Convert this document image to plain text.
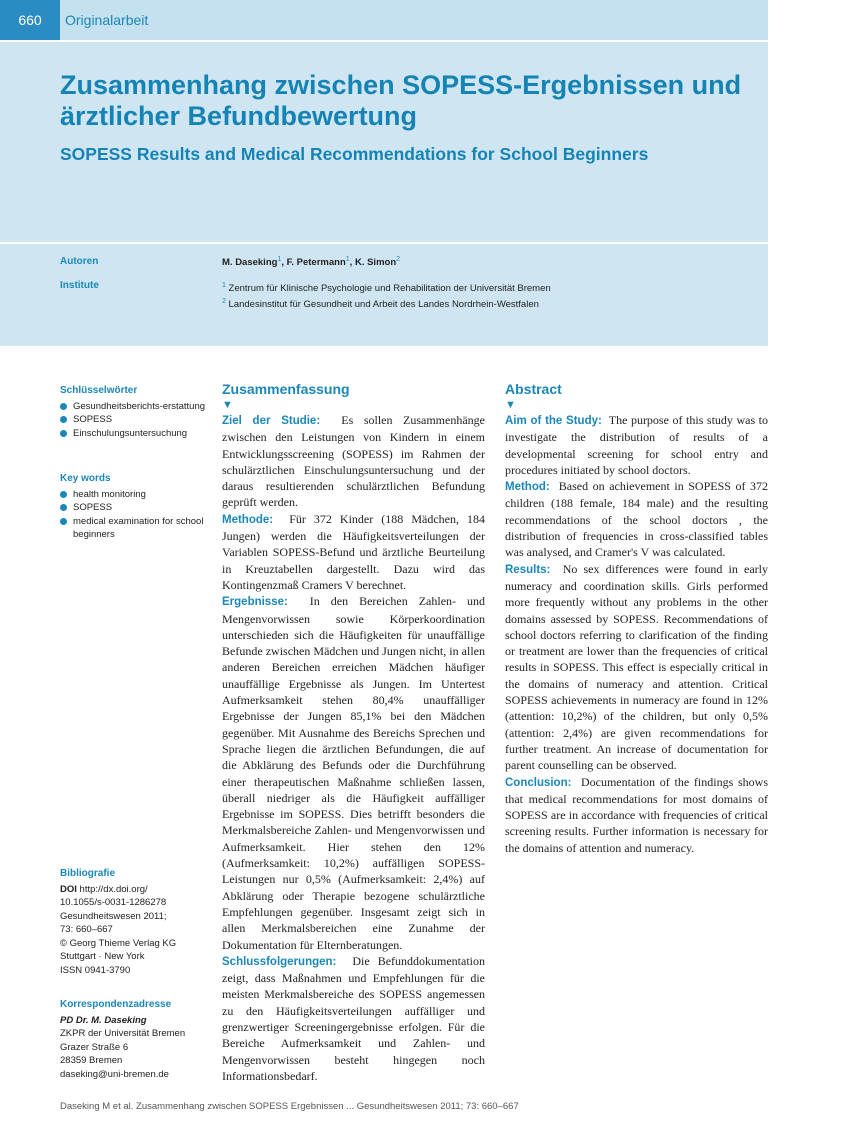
660	Originalarbeit
Zusammenhang zwischen SOPESS-Ergebnissen und ärztlicher Befundbewertung
SOPESS Results and Medical Recommendations for School Beginners
Autoren
Institute
M. Daseking$^1$, F. Petermann$^1$, K. Simon$^2$
$^1$ Zentrum für Klinische Psychologie und Rehabilitation der Universität Bremen
$^2$ Landesinstitut für Gesundheit und Arbeit des Landes Nordrhein-Westfalen
Schlüsselwörter
Gesundheitsberichts-erstattung
SOPESS
Einschulungsuntersuchung
Key words
health monitoring
SOPESS
medical examination for school beginners
Bibliografie
DOI http://dx.doi.org/
10.1055/s-0031-1286278
Gesundheitswesen 2011;
73: 660–667
© Georg Thieme Verlag KG
Stuttgart · New York
ISSN 0941-3790
Korrespondenzadresse
PD Dr. M. Daseking
ZKPR der Universität Bremen
Grazer Straße 6
28359 Bremen
daseking@uni-bremen.de
Zusammenfassung
▼

Ziel der Studie: Es sollen Zusammenhänge zwischen den Leistungen von Kindern in einem Entwicklungsscreening (SOPESS) im Rahmen der schulärztlichen Einschulungsuntersuchung und der daraus resultierenden schulärztlichen Befundung geprüft werden.

Methode: Für 372 Kinder (188 Mädchen, 184 Jungen) werden die Häufigkeitsverteilungen der Variablen SOPESS-Befund und ärztliche Beurteilung in Kreuztabellen dargestellt. Dazu wird das Kontingenzmaß Cramers V berechnet.

Ergebnisse: In den Bereichen Zahlen- und Mengenvorwissen sowie Körperkoordination unterschieden sich die Häufigkeiten für unauffällige Befunde zwischen Mädchen und Jungen nicht, in allen anderen Bereichen erreichen Mädchen häufiger unauffällige Ergebnisse als Jungen. Im Untertest Aufmerksamkeit stehen 80,4% unauffälliger Ergebnisse der Jungen 85,1% bei den Mädchen gegenüber. Mit Ausnahme des Bereichs Sprechen und Sprache liegen die ärztlichen Befundungen, die auf die Abklärung des Befunds oder die Durchführung einer therapeutischen Maßnahme schließen lassen, überall niedriger als die Häufigkeit auffälliger Ergebnisse im SOPESS. Dies betrifft besonders die Merkmalsbereiche Zahlen- und Mengenvorwissen und Aufmerksamkeit. Hier stehen den 12% (Aufmerksamkeit: 10,2%) auffälligen SOPESS-Leistungen nur 0,5% (Aufmerksamkeit: 2,4%) auf Abklärung oder Therapie bezogene schulärztliche Empfehlungen gegenüber. Insgesamt zeigt sich in allen Merkmalsbereichen eine Zunahme der Dokumentation für Elternberatungen.

Schlussfolgerungen: Die Befunddokumentation zeigt, dass Maßnahmen und Empfehlungen für die meisten Merkmalsbereiche des SOPESS angemessen zu den Häufigkeitsverteilungen auffälliger und grenzwertiger Screeningergebnisse erfolgen. Für die Bereiche Aufmerksamkeit und Zahlen- und Mengenvorwissen besteht hingegen noch Informationsbedarf.

Abstract
▼

Aim of the Study: The purpose of this study was to investigate the distribution of results of a developmental screening for school entry and procedures initiated by school doctors.

Method: Based on achievement in SOPESS of 372 children (188 female, 184 male) and the resulting recommendations of the school doctors , the distribution of frequencies in cross-classified tables was analysed, and Cramer's V was calculated.

Results: No sex differences were found in early numeracy and coordination skills. Girls performed more frequently without any problems in the other domains assessed by SOPESS. Recommendations of school doctors referring to clarification of the finding or treatment are lower than the frequencies of critical results in SOPESS. This effect is especially critical in the domains of numeracy and attention. Critical SOPESS achievements in numeracy are found in 12% (attention: 10,2%) of the children, but only 0,5% (attention: 2,4%) are given recommendations for further treatment. An increase of documentation for parent counselling can be observed.

Conclusion: Documentation of the findings shows that medical recommendations for most domains of SOPESS are in accordance with frequencies of critical screening results. Further information is necessary for the domains of attention and numeracy.

Daseking M et al. Zusammenhang zwischen SOPESS Ergebnissen ... Gesundheitswesen 2011; 73: 660–667
